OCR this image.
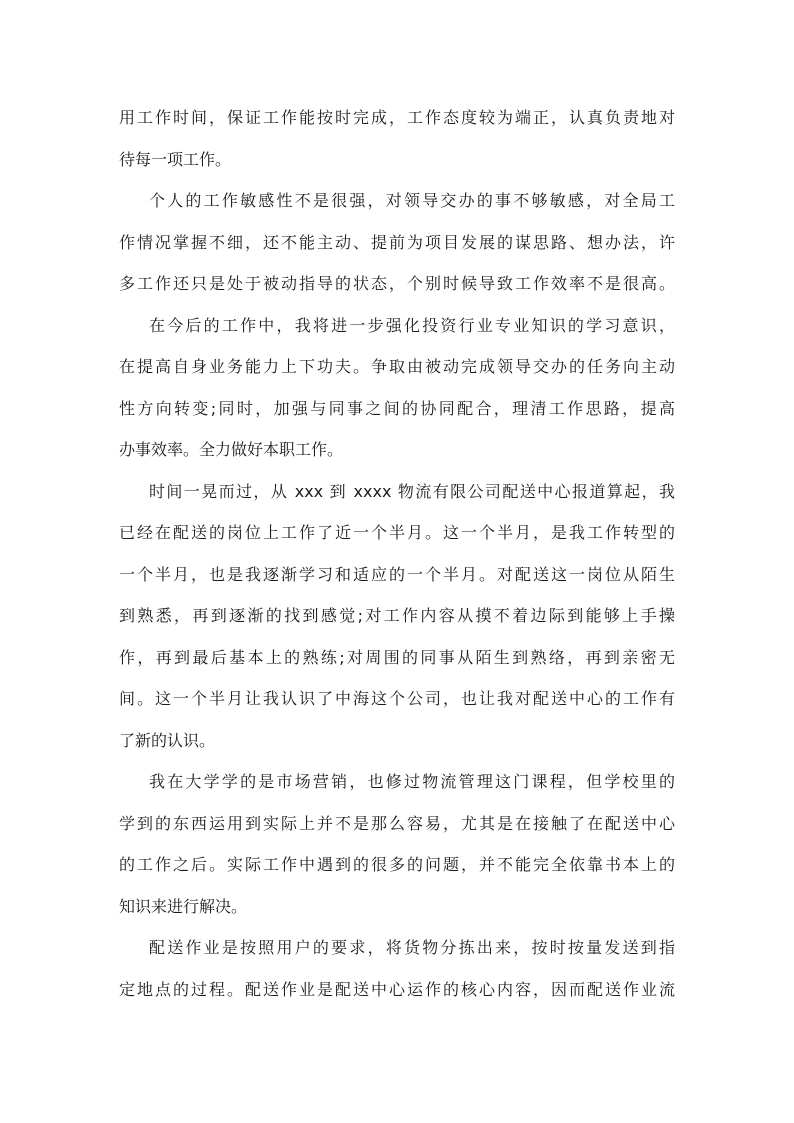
用工作时间，保证工作能按时完成，工作态度较为端正，认真负责地对
待每一项工作。
个人的工作敏感性不是很强，对领导交办的事不够敏感，对全局工
作情况掌握不细，还不能主动、提前为项目发展的谋思路、想办法，许
多工作还只是处于被动指导的状态，个别时候导致工作效率不是很高。
在今后的工作中，我将进一步强化投资行业专业知识的学习意识，
在提高自身业务能力上下功夫。争取由被动完成领导交办的任务向主动
性方向转变;同时，加强与同事之间的协同配合，理清工作思路，提高
办事效率。全力做好本职工作。
时间一晃而过，从 xxx 到 xxxx 物流有限公司配送中心报道算起，我
已经在配送的岗位上工作了近一个半月。这一个半月，是我工作转型的
一个半月，也是我逐渐学习和适应的一个半月。对配送这一岗位从陌生
到熟悉，再到逐渐的找到感觉;对工作内容从摸不着边际到能够上手操
作，再到最后基本上的熟练;对周围的同事从陌生到熟络，再到亲密无
间。这一个半月让我认识了中海这个公司，也让我对配送中心的工作有
了新的认识。
我在大学学的是市场营销，也修过物流管理这门课程，但学校里的
学到的东西运用到实际上并不是那么容易，尤其是在接触了在配送中心
的工作之后。实际工作中遇到的很多的问题，并不能完全依靠书本上的
知识来进行解决。
配送作业是按照用户的要求，将货物分拣出来，按时按量发送到指
定地点的过程。配送作业是配送中心运作的核心内容，因而配送作业流
